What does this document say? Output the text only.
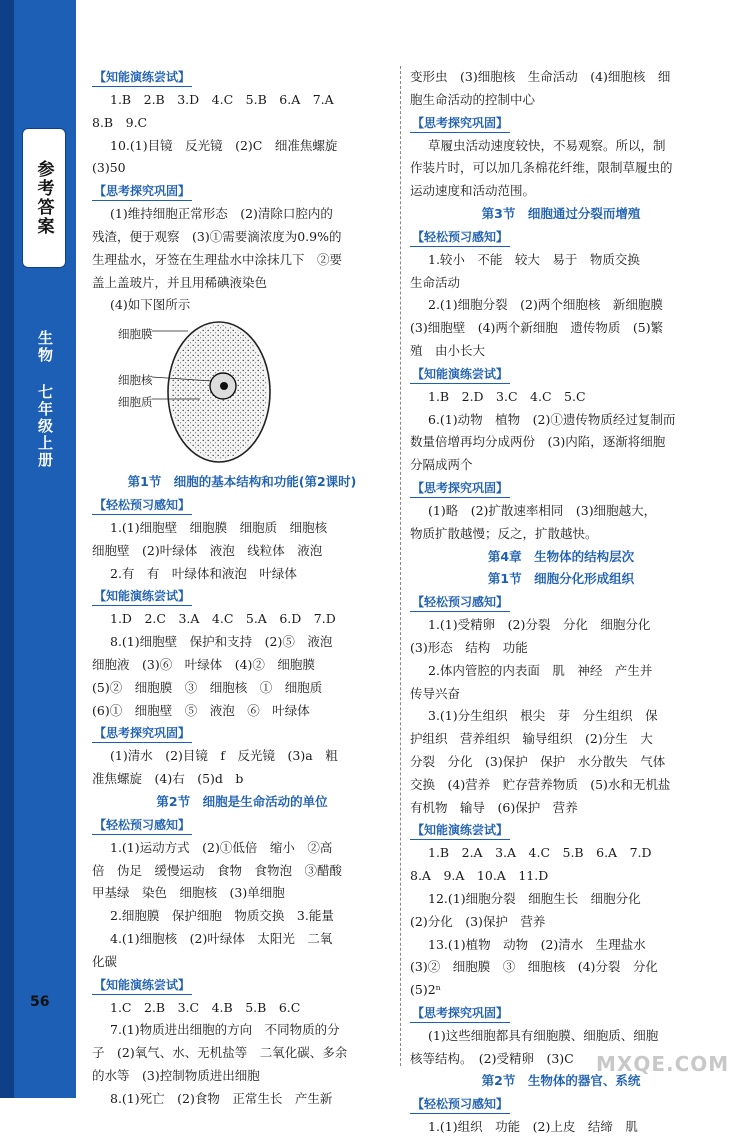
参考答案
生物 七年级上册
56
【知能演练尝试】
1.B　2.B　3.D　4.C　5.B　6.A　7.A
8.B　9.C
10.(1)目镜　反光镜　(2)C　细准焦螺旋
(3)50
【思考探究巩固】
(1)维持细胞正常形态　(2)清除口腔内的
残渣，便于观察　(3)①需要滴浓度为0.9%的
生理盐水，牙签在生理盐水中涂抹几下　②要
盖上盖玻片，并且用稀碘液染色
(4)如下图所示
细胞膜
细胞核
细胞质
第1节　细胞的基本结构和功能(第2课时)
【轻松预习感知】
1.(1)细胞壁　细胞膜　细胞质　细胞核
细胞壁　(2)叶绿体　液泡　线粒体　液泡
2.有　有　叶绿体和液泡　叶绿体
【知能演练尝试】
1.D　2.C　3.A　4.C　5.A　6.D　7.D
8.(1)细胞壁　保护和支持　(2)⑤　液泡
细胞液　(3)⑥　叶绿体　(4)②　细胞膜
(5)②　细胞膜　③　细胞核　①　细胞质
(6)①　细胞壁　⑤　液泡　⑥　叶绿体
【思考探究巩固】
(1)清水　(2)目镜　f　反光镜　(3)a　粗
准焦螺旋　(4)右　(5)d　b
第2节　细胞是生命活动的单位
【轻松预习感知】
1.(1)运动方式　(2)①低倍　缩小　②高
倍　伪足　缓慢运动　食物　食物泡　③醋酸
甲基绿　染色　细胞核　(3)单细胞
2.细胞膜　保护细胞　物质交换　3.能量
4.(1)细胞核　(2)叶绿体　太阳光　二氧
化碳
【知能演练尝试】
1.C　2.B　3.C　4.B　5.B　6.C
7.(1)物质进出细胞的方向　不同物质的分
子　(2)氧气、水、无机盐等　二氧化碳、多余
的水等　(3)控制物质进出细胞
8.(1)死亡　(2)食物　正常生长　产生新
变形虫　(3)细胞核　生命活动　(4)细胞核　细
胞生命活动的控制中心
【思考探究巩固】
草履虫活动速度较快，不易观察。所以，制
作装片时，可以加几条棉花纤维，限制草履虫的
运动速度和活动范围。
第3节　细胞通过分裂而增殖
【轻松预习感知】
1.较小　不能　较大　易于　物质交换
生命活动
2.(1)细胞分裂　(2)两个细胞核　新细胞膜
(3)细胞壁　(4)两个新细胞　遗传物质　(5)繁
殖　由小长大
【知能演练尝试】
1.B　2.D　3.C　4.C　5.C
6.(1)动物　植物　(2)①遗传物质经过复制而
数量倍增再均分成两份　(3)内陷，逐渐将细胞
分隔成两个
【思考探究巩固】
(1)略　(2)扩散速率相同　(3)细胞越大，
物质扩散越慢；反之，扩散越快。
第4章　生物体的结构层次
第1节　细胞分化形成组织
【轻松预习感知】
1.(1)受精卵　(2)分裂　分化　细胞分化
(3)形态　结构　功能
2.体内管腔的内表面　肌　神经　产生并
传导兴奋
3.(1)分生组织　根尖　芽　分生组织　保
护组织　营养组织　输导组织　(2)分生　大
分裂　分化　(3)保护　保护　水分散失　气体
交换　(4)营养　贮存营养物质　(5)水和无机盐
有机物　输导　(6)保护　营养
【知能演练尝试】
1.B　2.A　3.A　4.C　5.B　6.A　7.D
8.A　9.A　10.A　11.D
12.(1)细胞分裂　细胞生长　细胞分化
(2)分化　(3)保护　营养
13.(1)植物　动物　(2)清水　生理盐水
(3)②　细胞膜　③　细胞核　(4)分裂　分化
(5)2ⁿ
【思考探究巩固】
(1)这些细胞都具有细胞膜、细胞质、细胞
核等结构。　(2)受精卵　(3)C
第2节　生物体的器官、系统
【轻松预习感知】
1.(1)组织　功能　(2)上皮　结缔　肌
MXQE.COM
